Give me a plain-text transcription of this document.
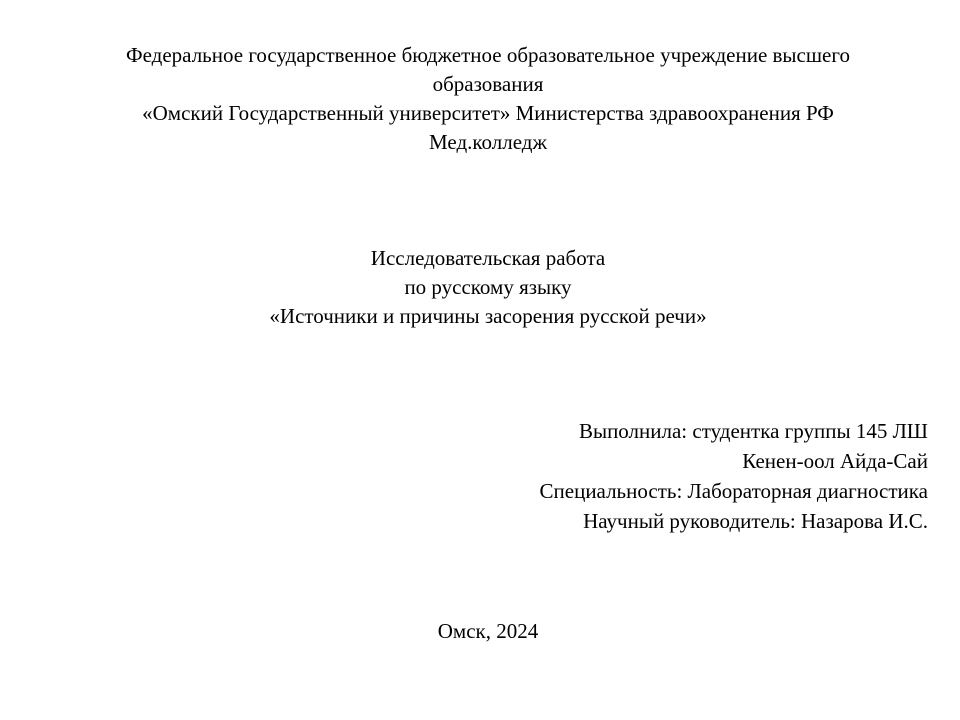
Федеральное государственное бюджетное образовательное учреждение высшего
образования
«Омский Государственный университет» Министерства здравоохранения РФ
Мед.колледж
Исследовательская работа
по русскому языку
«Источники и причины засорения русской речи»
Выполнила: студентка группы 145 ЛШ
Кенен-оол Айда-Сай
Специальность: Лабораторная диагностика
Научный руководитель: Назарова И.С.
Омск, 2024
